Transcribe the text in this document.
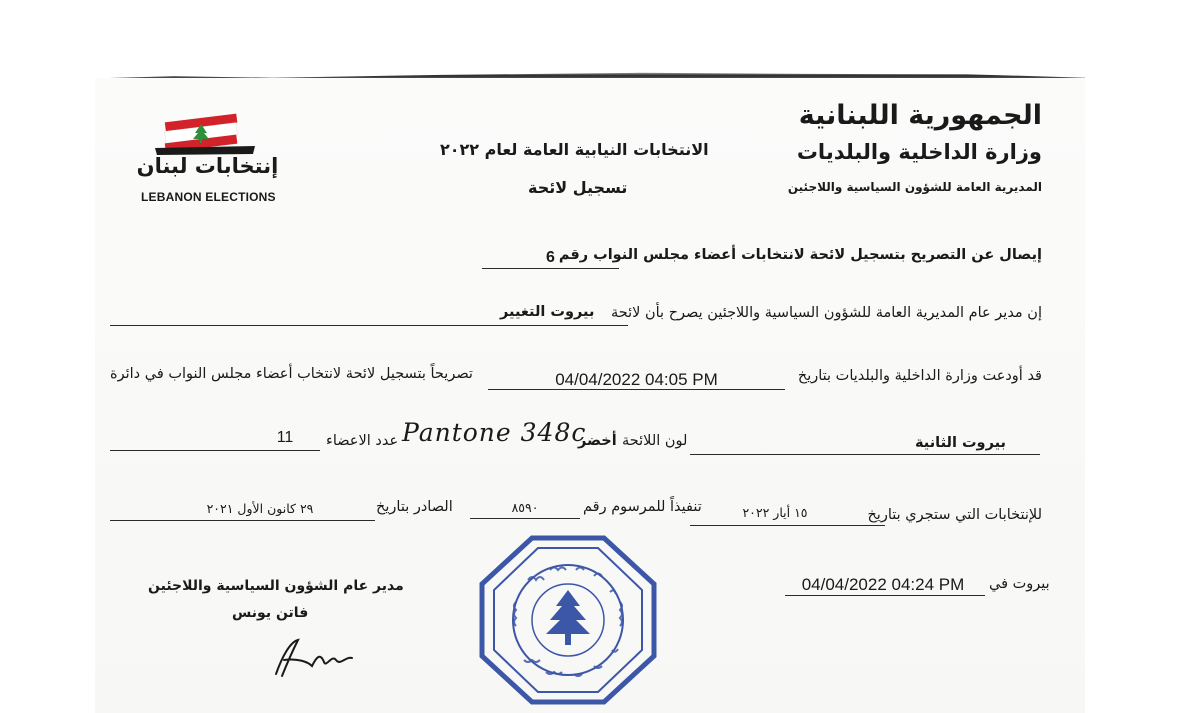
الجمهورية اللبنانية
وزارة الداخلية والبلديات
المديرية العامة للشؤون السياسية واللاجئين
الانتخابات النيابية العامة لعام ٢٠٢٢
تسجيل لائحة
إنتخابات لبنان
LEBANON ELECTIONS
إيصال عن التصريح بتسجيل لائحة لانتخابات أعضاء مجلس النواب رقم
6
إن مدير عام المديرية العامة للشؤون السياسية واللاجئين يصرح بأن لائحة
بيروت التغيير
قد أودعت وزارة الداخلية والبلديات بتاريخ
04/04/2022 04:05 PM
تصريحاً بتسجيل لائحة لانتخاب أعضاء مجلس النواب في دائرة
بيروت الثانية
لون اللائحة
أخضر
Pantone 348c
عدد الاعضاء
11
للإنتخابات التي ستجري بتاريخ
١٥ أيار ٢٠٢٢
تنفيذاً للمرسوم رقم
٨٥٩٠
الصادر بتاريخ
٢٩ كانون الأول ٢٠٢١
بيروت في
04/04/2022 04:24 PM
مدير عام الشؤون السياسية واللاجئين
فاتن يونس
